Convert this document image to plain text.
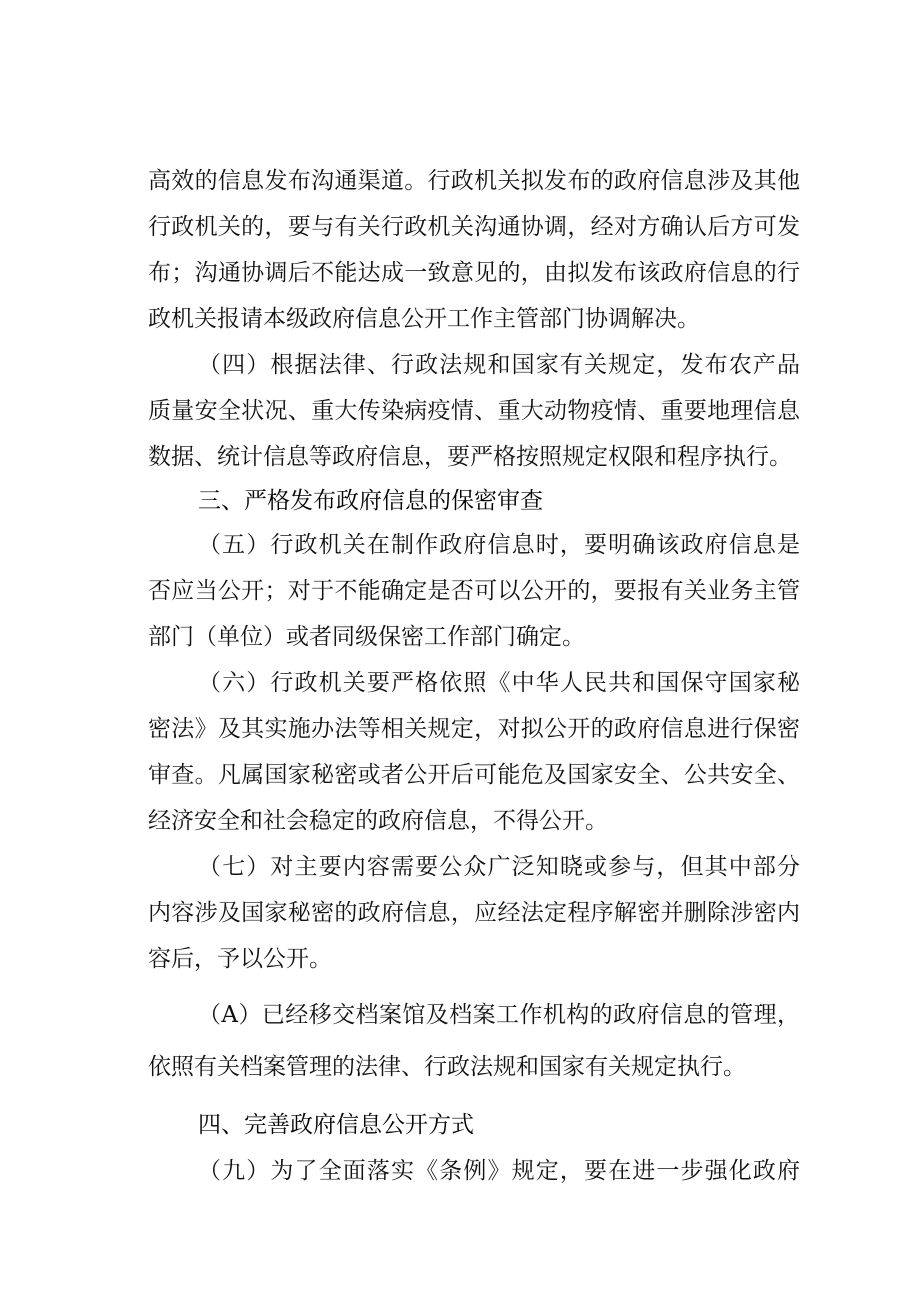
高效的信息发布沟通渠道。行政机关拟发布的政府信息涉及其他
行政机关的，要与有关行政机关沟通协调，经对方确认后方可发
布；沟通协调后不能达成一致意见的，由拟发布该政府信息的行
政机关报请本级政府信息公开工作主管部门协调解决。
（四）根据法律、行政法规和国家有关规定，发布农产品
质量安全状况、重大传染病疫情、重大动物疫情、重要地理信息
数据、统计信息等政府信息，要严格按照规定权限和程序执行。
三、严格发布政府信息的保密审查
（五）行政机关在制作政府信息时，要明确该政府信息是
否应当公开；对于不能确定是否可以公开的，要报有关业务主管
部门（单位）或者同级保密工作部门确定。
（六）行政机关要严格依照《中华人民共和国保守国家秘
密法》及其实施办法等相关规定，对拟公开的政府信息进行保密
审查。凡属国家秘密或者公开后可能危及国家安全、公共安全、
经济安全和社会稳定的政府信息，不得公开。
（七）对主要内容需要公众广泛知晓或参与，但其中部分
内容涉及国家秘密的政府信息，应经法定程序解密并删除涉密内
容后，予以公开。
（A）已经移交档案馆及档案工作机构的政府信息的管理，
依照有关档案管理的法律、行政法规和国家有关规定执行。
四、完善政府信息公开方式
（九）为了全面落实《条例》规定，要在进一步强化政府
